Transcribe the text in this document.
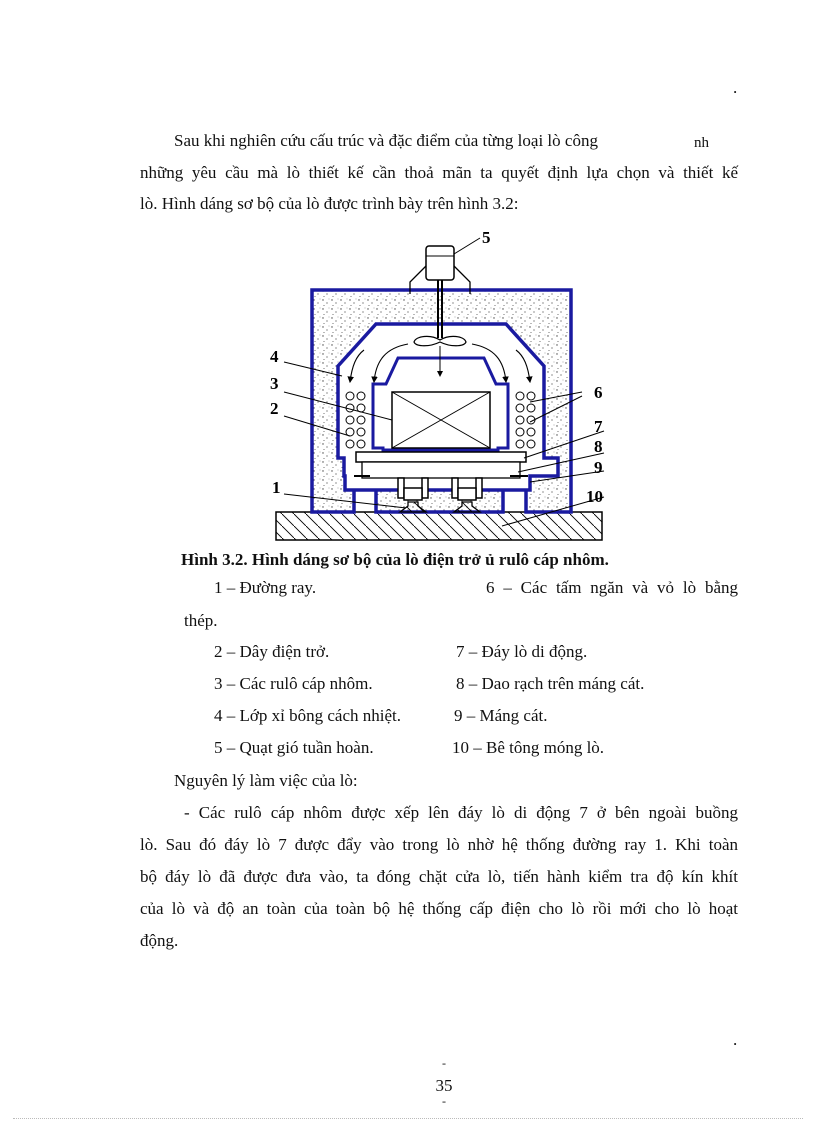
.
Sau khi nghiên cứu cấu trúc và đặc điểm của từng loại lò công	nh
những yêu cầu mà lò thiết kế cần thoả mãn ta quyết định lựa chọn và thiết kế
lò. Hình dáng sơ bộ của lò được trình bày trên hình 3.2:
1
2
3
4
5
6
7
8
9
10
Hình 3.2. Hình dáng sơ bộ của lò điện trở ủ rulô cáp nhôm.
1 – Đường ray.	6 – Các tấm ngăn và vỏ lò bằng
thép.
2 – Dây điện trở.	7 – Đáy lò di động.
3 – Các rulô cáp nhôm.	8 – Dao rạch trên máng cát.
4 – Lớp xỉ bông cách nhiệt.	9 – Máng cát.
5 – Quạt gió tuần hoàn.	10 – Bê tông móng lò.
Nguyên lý làm việc của lò:
- Các rulô cáp nhôm được xếp lên đáy lò di động 7 ở bên ngoài buồng
lò. Sau đó đáy lò 7 được đẩy vào trong lò nhờ hệ thống đường ray 1. Khi toàn
bộ đáy lò đã được đưa vào, ta đóng chặt cửa lò, tiến hành kiểm tra độ kín khít
của lò và độ an toàn của toàn bộ hệ thống cấp điện cho lò rồi mới cho lò hoạt
động.
.
-
35
-
